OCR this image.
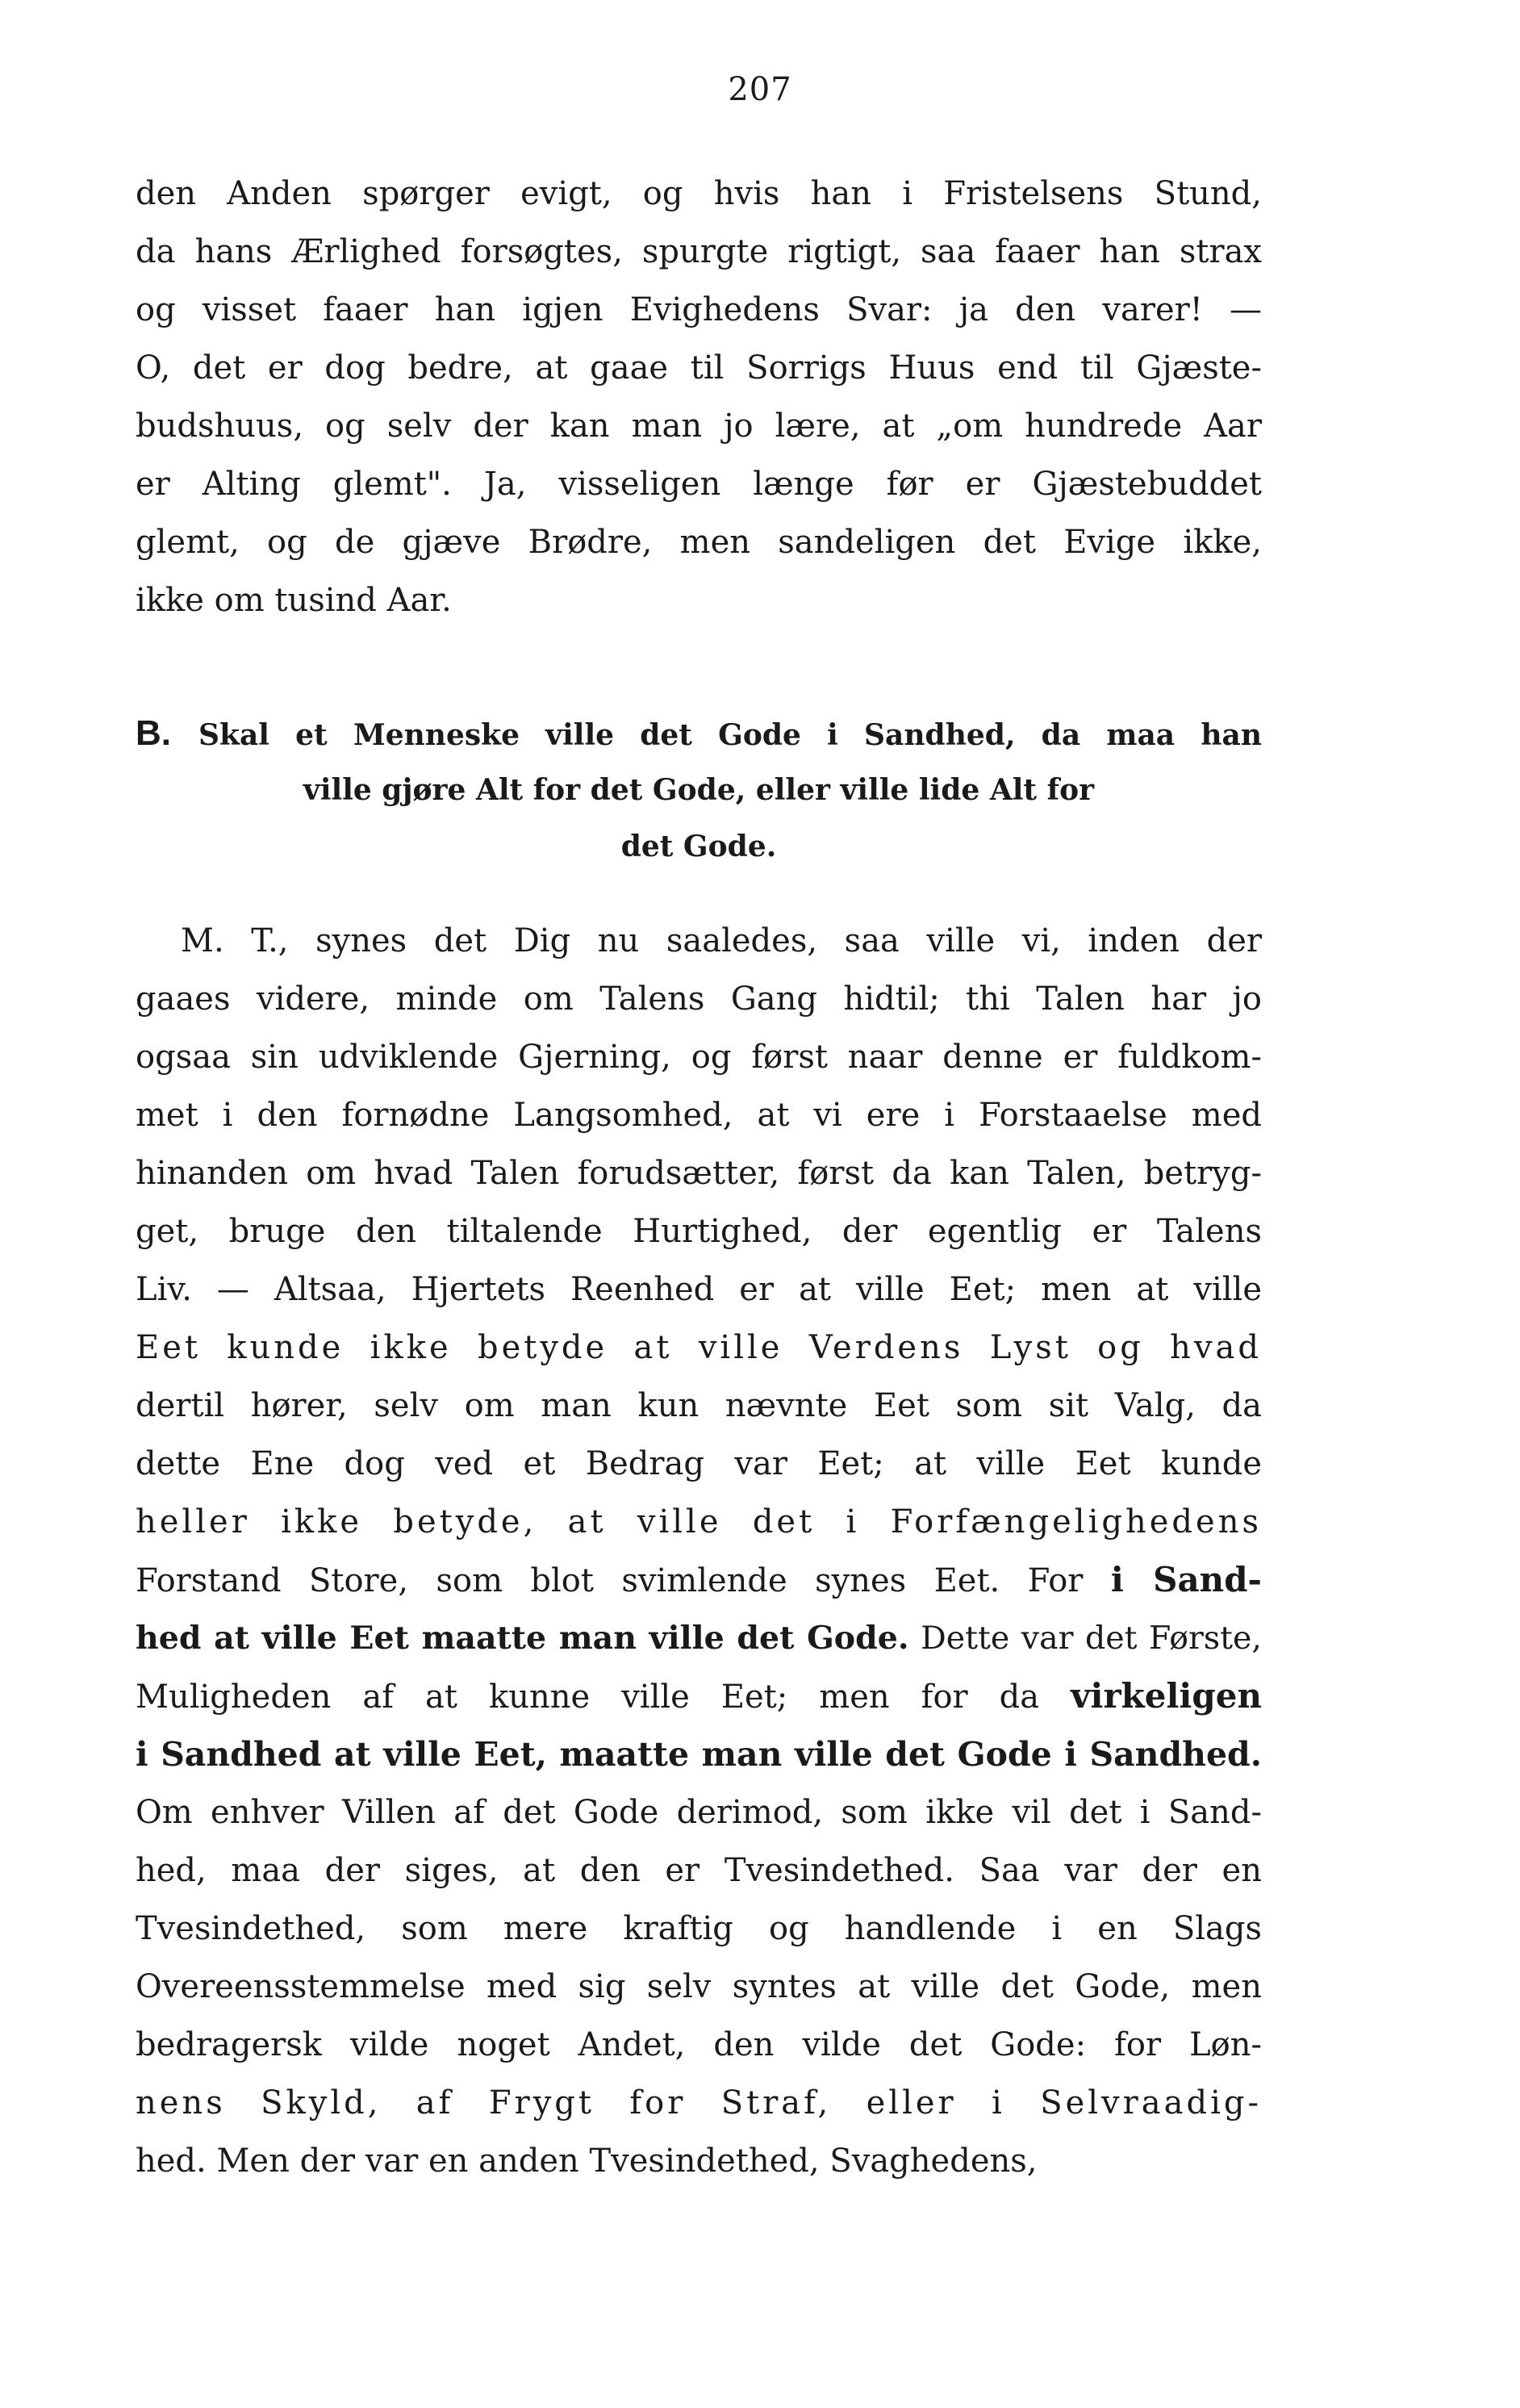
207
den Anden spørger evigt, og hvis han i Fristelsens Stund,
da hans Ærlighed forsøgtes, spurgte rigtigt, saa faaer han strax
og visset faaer han igjen Evighedens Svar: ja den varer! —
O, det er dog bedre, at gaae til Sorrigs Huus end til Gjæste-
budshuus, og selv der kan man jo lære, at „om hundrede Aar
er Alting glemt". Ja, visseligen længe før er Gjæstebuddet
glemt, og de gjæve Brødre, men sandeligen det Evige ikke,
ikke om tusind Aar.
B. Skal et Menneske ville det Gode i Sandhed, da maa han
ville gjøre Alt for det Gode, eller ville lide Alt for
det Gode.
M. T., synes det Dig nu saaledes, saa ville vi, inden der
gaaes videre, minde om Talens Gang hidtil; thi Talen har jo
ogsaa sin udviklende Gjerning, og først naar denne er fuldkom-
met i den fornødne Langsomhed, at vi ere i Forstaaelse med
hinanden om hvad Talen forudsætter, først da kan Talen, betryg-
get, bruge den tiltalende Hurtighed, der egentlig er Talens
Liv. — Altsaa, Hjertets Reenhed er at ville Eet; men at ville
Eet kunde ikke betyde at ville Verdens Lyst og hvad
dertil hører, selv om man kun nævnte Eet som sit Valg, da
dette Ene dog ved et Bedrag var Eet; at ville Eet kunde
heller ikke betyde, at ville det i Forfængelighedens
Forstand Store, som blot svimlende synes Eet. For i Sand-
hed at ville Eet maatte man ville det Gode. Dette var det Første,
Muligheden af at kunne ville Eet; men for da virkeligen
i Sandhed at ville Eet, maatte man ville det Gode i Sandhed.
Om enhver Villen af det Gode derimod, som ikke vil det i Sand-
hed, maa der siges, at den er Tvesindethed. Saa var der en
Tvesindethed, som mere kraftig og handlende i en Slags
Overeensstemmelse med sig selv syntes at ville det Gode, men
bedragersk vilde noget Andet, den vilde det Gode: for Løn-
nens Skyld, af Frygt for Straf, eller i Selvraadig-
hed. Men der var en anden Tvesindethed, Svaghedens,
